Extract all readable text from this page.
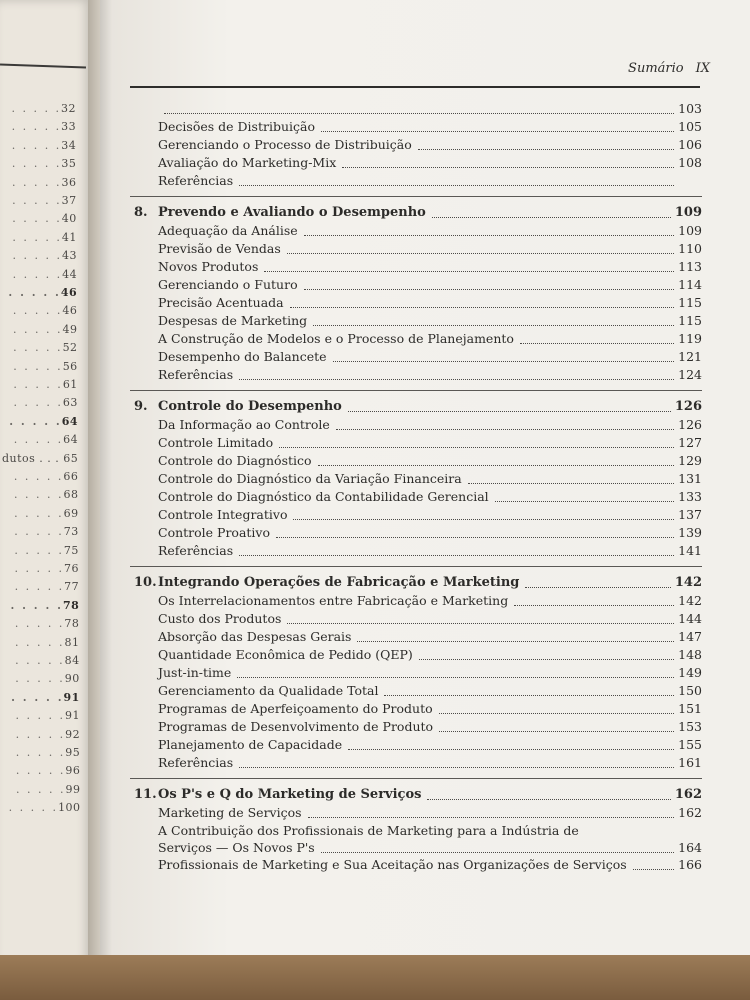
. . . . .32
. . . . .33
. . . . .34
. . . . .35
. . . . .36
. . . . .37
. . . . .40
. . . . .41
. . . . .43
. . . . .44
. . . . .46
. . . . .46
. . . . .49
. . . . .52
. . . . .56
. . . . .61
. . . . .63
. . . . .64
. . . . .64
dutos . . . 65
. . . . .66
. . . . .68
. . . . .69
. . . . .73
. . . . .75
. . . . .76
. . . . .77
. . . . .78
. . . . .78
. . . . .81
. . . . .84
. . . . .90
. . . . .91
. . . . .91
. . . . .92
. . . . .95
. . . . .96
. . . . .99
. . . . .100
Sumário IX
103
Decisões de Distribuição	105
Gerenciando o Processo de Distribuição	106
Avaliação do Marketing-Mix	108
Referências
8. Prevendo e Avaliando o Desempenho	109
Adequação da Análise	109
Previsão de Vendas	110
Novos Produtos	113
Gerenciando o Futuro	114
Precisão Acentuada	115
Despesas de Marketing	115
A Construção de Modelos e o Processo de Planejamento	119
Desempenho do Balancete	121
Referências	124
9. Controle do Desempenho	126
Da Informação ao Controle	126
Controle Limitado	127
Controle do Diagnóstico	129
Controle do Diagnóstico da Variação Financeira	131
Controle do Diagnóstico da Contabilidade Gerencial	133
Controle Integrativo	137
Controle Proativo	139
Referências	141
10. Integrando Operações de Fabricação e Marketing	142
Os Interrelacionamentos entre Fabricação e Marketing	142
Custo dos Produtos	144
Absorção das Despesas Gerais	147
Quantidade Econômica de Pedido (QEP)	148
Just-in-time	149
Gerenciamento da Qualidade Total	150
Programas de Aperfeiçoamento do Produto	151
Programas de Desenvolvimento de Produto	153
Planejamento de Capacidade	155
Referências	161
11. Os P's e Q do Marketing de Serviços	162
Marketing de Serviços	162
A Contribuição dos Profissionais de Marketing para a Indústria de
Serviços — Os Novos P's	164
Profissionais de Marketing e Sua Aceitação nas Organizações de Serviços	166
